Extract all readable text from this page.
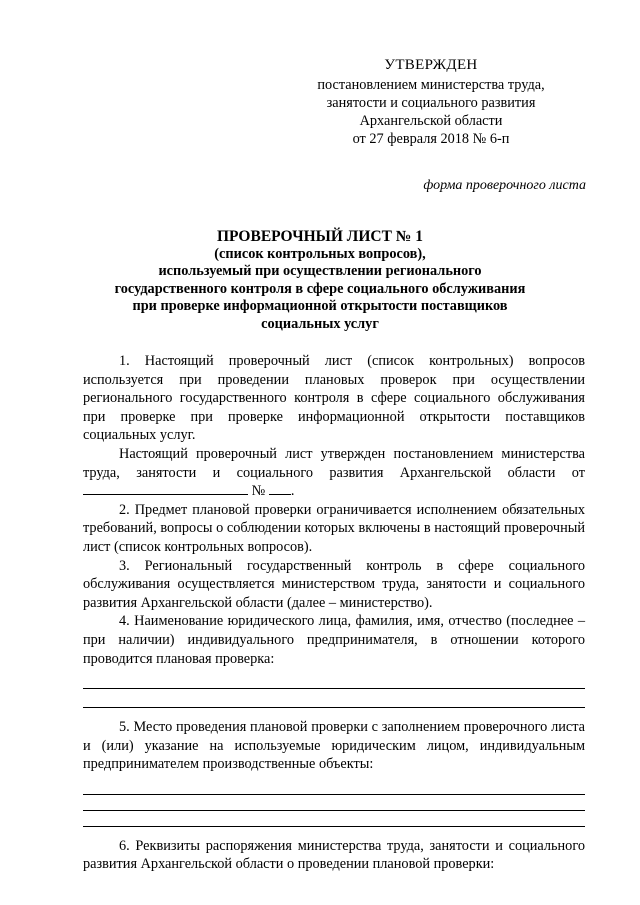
УТВЕРЖДЕН
постановлением министерства труда,
занятости и социального развития
Архангельской области
от 27 февраля 2018 № 6-п
форма проверочного листа
ПРОВЕРОЧНЫЙ ЛИСТ № 1
(список контрольных вопросов),
используемый при осуществлении регионального
государственного контроля в сфере социального обслуживания
при проверке информационной открытости поставщиков
социальных услуг

1. Настоящий проверочный лист (список контрольных) вопросов используется при проведении плановых проверок при осуществлении регионального государственного контроля в сфере социального обслуживания при проверке при проверке информационной открытости поставщиков социальных услуг.

Настоящий проверочный лист утвержден постановлением министерства труда, занятости и социального развития Архангельской области от  № .

2. Предмет плановой проверки ограничивается исполнением обязательных требований, вопросы о соблюдении которых включены в настоящий проверочный лист (список контрольных вопросов).

3. Региональный государственный контроль в сфере социального обслуживания осуществляется министерством труда, занятости и социального развития Архангельской области (далее – министерство).

4. Наименование юридического лица, фамилия, имя, отчество (последнее – при наличии) индивидуального предпринимателя, в отношении которого проводится плановая проверка:

5. Место проведения плановой проверки с заполнением проверочного листа и (или) указание на используемые юридическим лицом, индивидуальным предпринимателем производственные объекты:

6. Реквизиты распоряжения министерства труда, занятости и социального развития Архангельской области о проведении плановой проверки:
